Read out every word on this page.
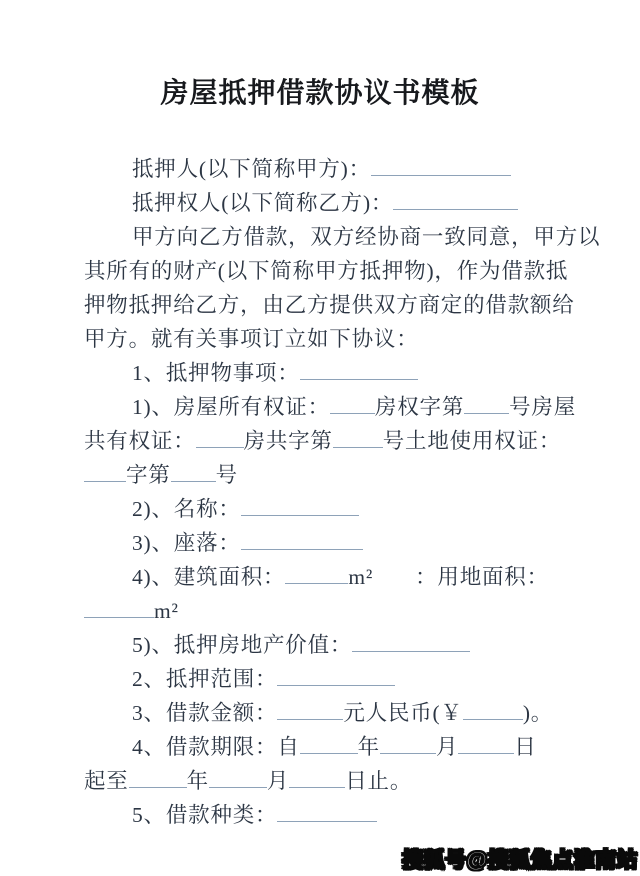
房屋抵押借款协议书模板
抵押人(以下简称甲方)：
抵押权人(以下简称乙方)：
甲方向乙方借款，双方经协商一致同意，甲方以
其所有的财产(以下简称甲方抵押物)，作为借款抵
押物抵押给乙方，由乙方提供双方商定的借款额给
甲方。就有关事项订立如下协议：
1、抵押物事项：
1)、房屋所有权证： 房权字第 号房屋
共有权证： 房共字第 号土地使用权证：
字第 号
2)、名称：
3)、座落：
4)、建筑面积：	m² ：用地面积：
m²
5)、抵押房地产价值：
2、抵押范围：
3、借款金额：	元人民币(￥	)。
4、借款期限：自	年	月	日
起至	年	月	日止。
5、借款种类：
搜狐号@搜狐焦点淮南站
